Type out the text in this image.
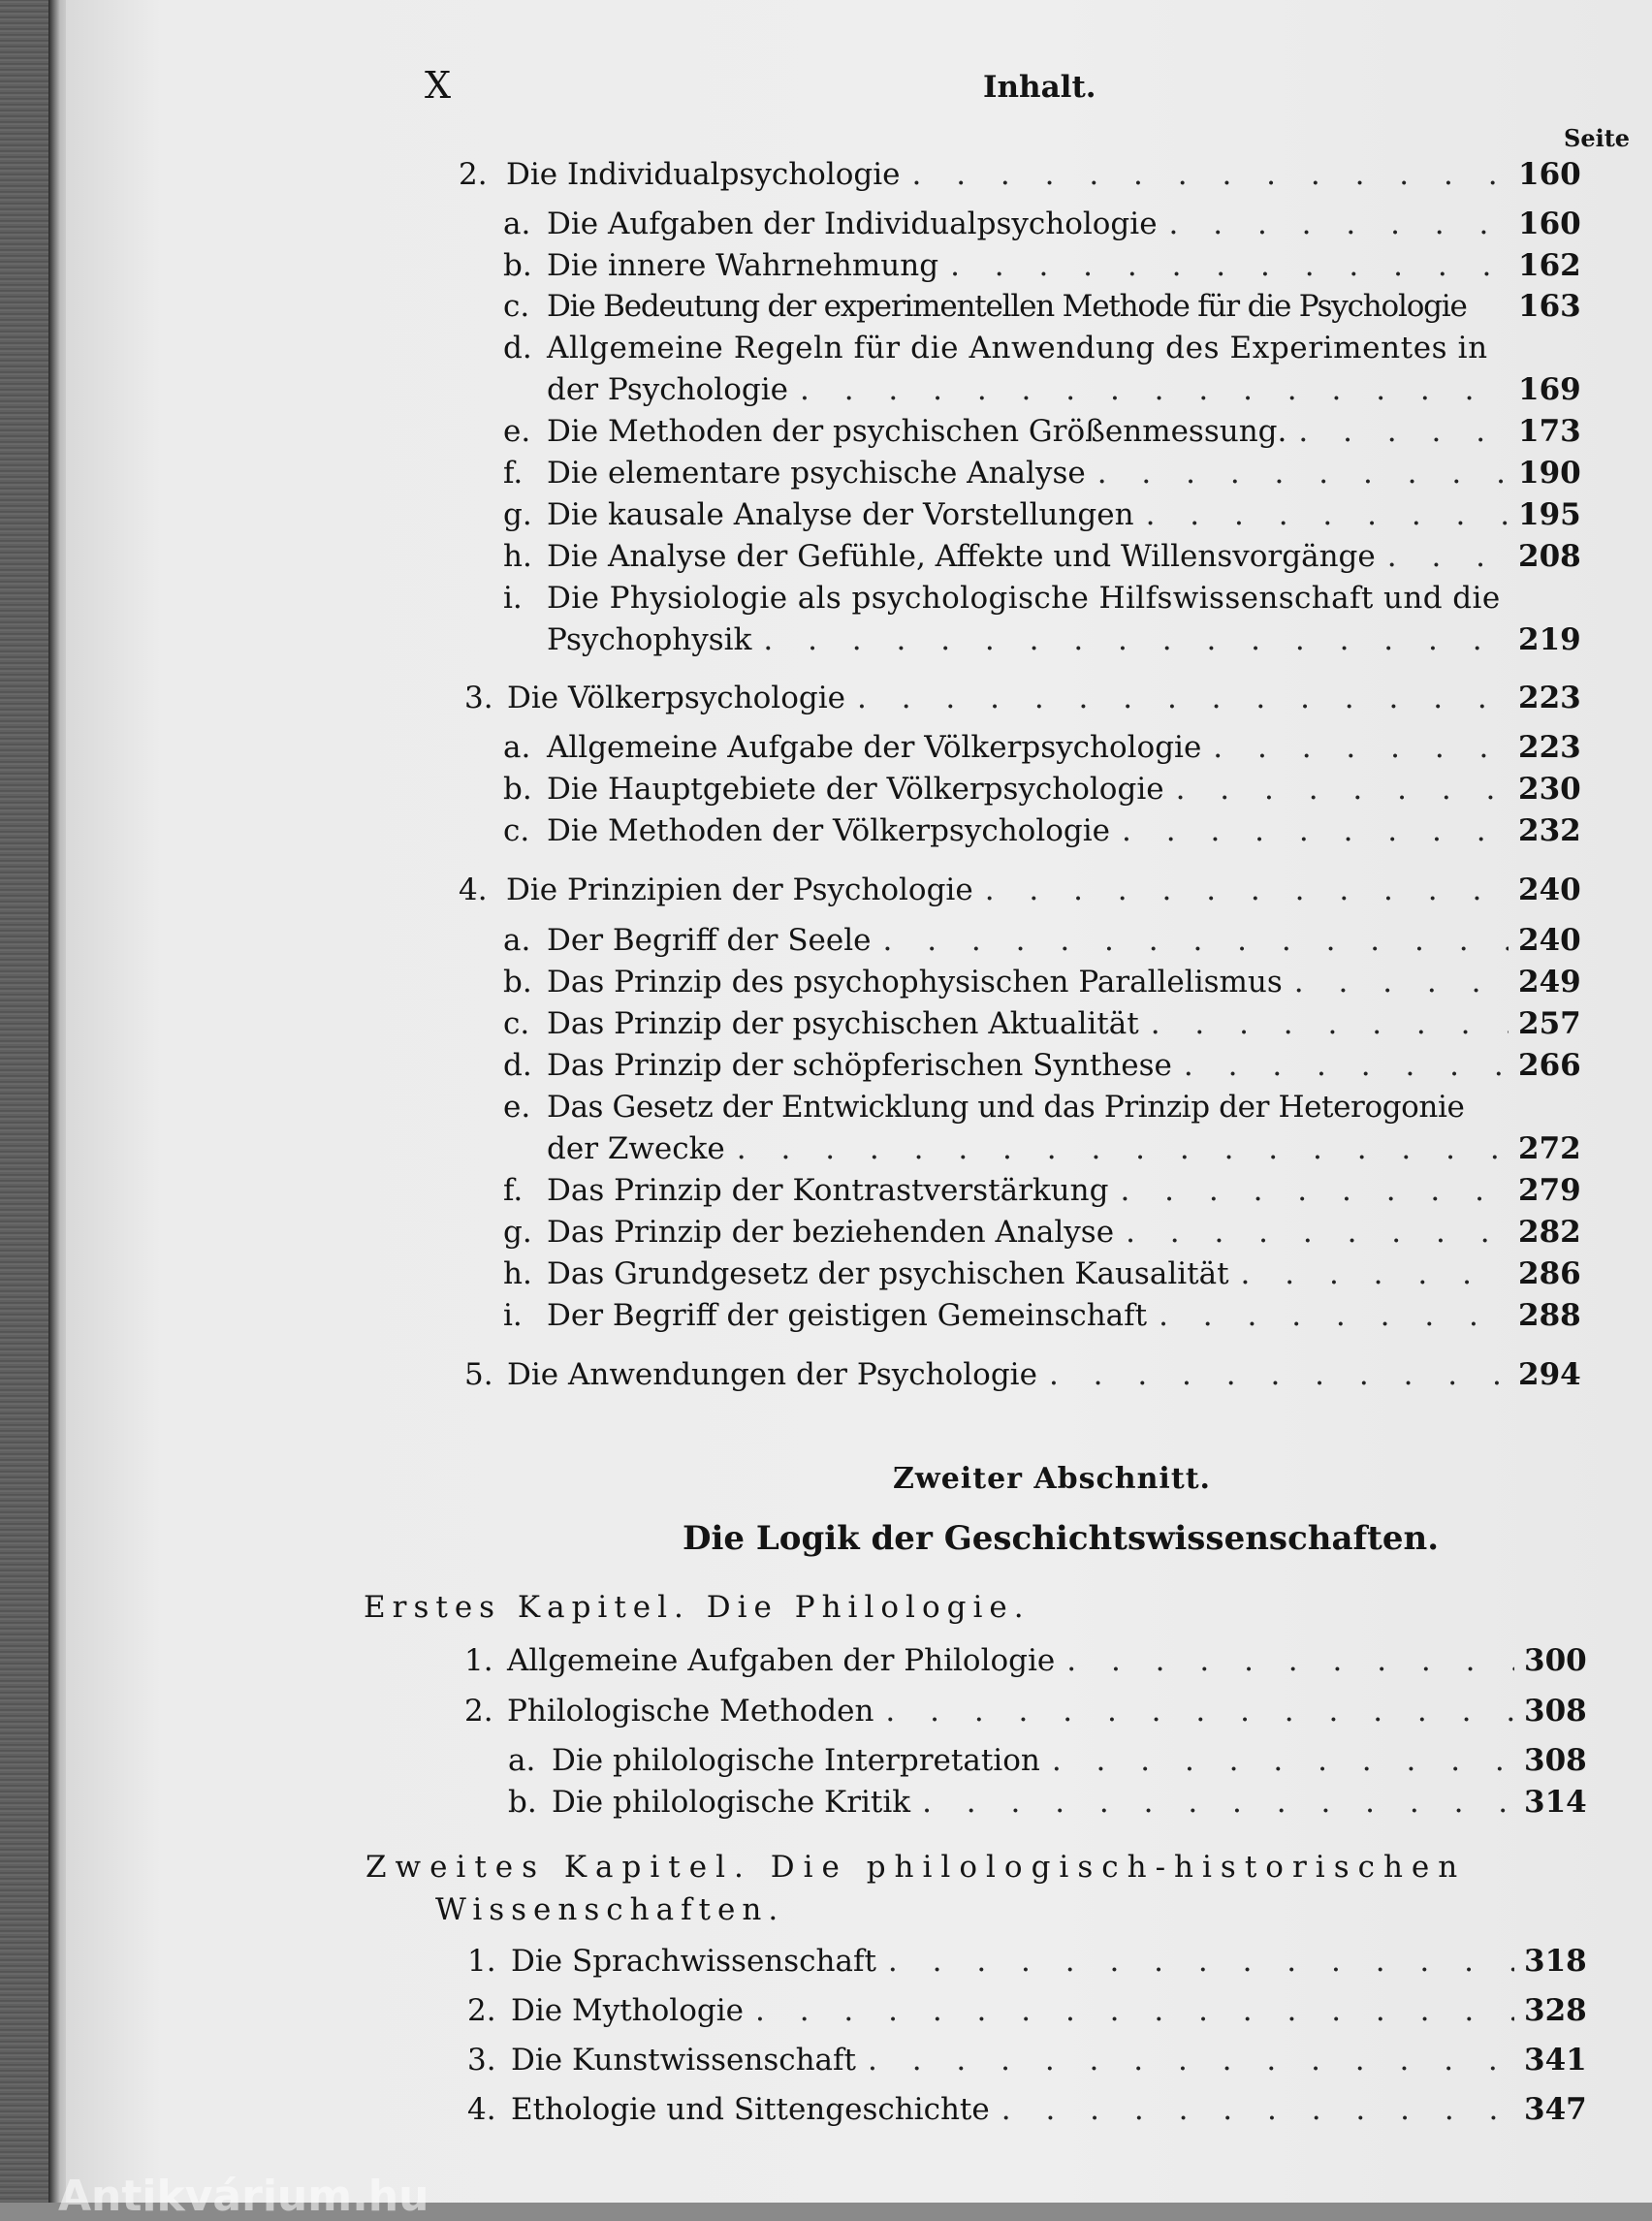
X	Inhalt.
Seite
2. Die Individualpsychologie . . .	160
a. Die Aufgaben der Individualpsychologie . . .	160
b. Die innere Wahrnehmung . . .	162
c. Die Bedeutung der experimentellen Methode für die Psychologie 163
d. Allgemeine Regeln für die Anwendung des Experimentes in
der Psychologie . . .	169
e. Die Methoden der psychischen Größenmessung. . . .	173
f. Die elementare psychische Analyse . . .	190
g. Die kausale Analyse der Vorstellungen . . .	195
h. Die Analyse der Gefühle, Affekte und Willensvorgänge . . .	208
i. Die Physiologie als psychologische Hilfswissenschaft und die
Psychophysik . . .	219
3. Die Völkerpsychologie . . .	223
a. Allgemeine Aufgabe der Völkerpsychologie . . .	223
b. Die Hauptgebiete der Völkerpsychologie . . .	230
c. Die Methoden der Völkerpsychologie . . .	232
4. Die Prinzipien der Psychologie . . .	240
a. Der Begriff der Seele . . .	240
b. Das Prinzip des psychophysischen Parallelismus . . .	249
c. Das Prinzip der psychischen Aktualität . . .	257
d. Das Prinzip der schöpferischen Synthese . . .	266
e. Das Gesetz der Entwicklung und das Prinzip der Heterogonie
der Zwecke . . .	272
f. Das Prinzip der Kontrastverstärkung . . .	279
g. Das Prinzip der beziehenden Analyse . . .	282
h. Das Grundgesetz der psychischen Kausalität . . .	286
i. Der Begriff der geistigen Gemeinschaft . . .	288
5. Die Anwendungen der Psychologie . . .	294
Zweiter Abschnitt.
Die Logik der Geschichtswissenschaften.
Erstes Kapitel. Die Philologie.
1. Allgemeine Aufgaben der Philologie . . .	300
2. Philologische Methoden . . .	308
a. Die philologische Interpretation . . .	308
b. Die philologische Kritik . . .	314
Zweites Kapitel. Die philologisch-historischen
Wissenschaften.
1. Die Sprachwissenschaft . . .	318
2. Die Mythologie . . .	328
3. Die Kunstwissenschaft . . .	341
4. Ethologie und Sittengeschichte . . .	347
Antikvárium.hu
